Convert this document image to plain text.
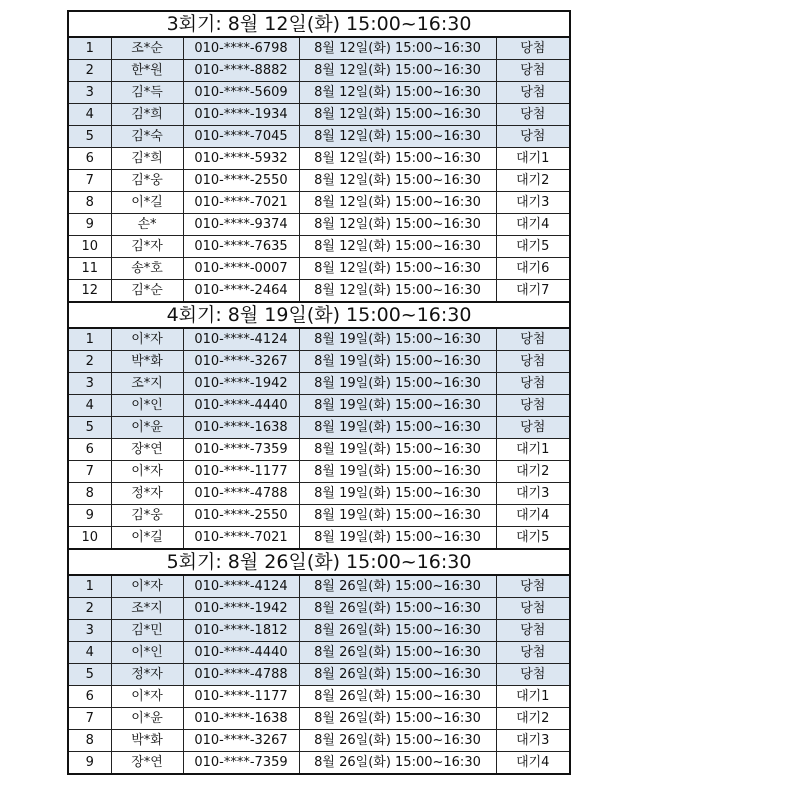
3회기: 8월 12일(화) 15:00~16:30				
1	조*순	010-****-6798	8월 12일(화) 15:00~16:30	당첨
2	한*원	010-****-8882	8월 12일(화) 15:00~16:30	당첨
3	김*득	010-****-5609	8월 12일(화) 15:00~16:30	당첨
4	김*희	010-****-1934	8월 12일(화) 15:00~16:30	당첨
5	김*숙	010-****-7045	8월 12일(화) 15:00~16:30	당첨
6	김*희	010-****-5932	8월 12일(화) 15:00~16:30	대기1
7	김*웅	010-****-2550	8월 12일(화) 15:00~16:30	대기2
8	이*길	010-****-7021	8월 12일(화) 15:00~16:30	대기3
9	손*	010-****-9374	8월 12일(화) 15:00~16:30	대기4
10	김*자	010-****-7635	8월 12일(화) 15:00~16:30	대기5
11	송*호	010-****-0007	8월 12일(화) 15:00~16:30	대기6
12	김*순	010-****-2464	8월 12일(화) 15:00~16:30	대기7
4회기: 8월 19일(화) 15:00~16:30				
1	이*자	010-****-4124	8월 19일(화) 15:00~16:30	당첨
2	박*화	010-****-3267	8월 19일(화) 15:00~16:30	당첨
3	조*지	010-****-1942	8월 19일(화) 15:00~16:30	당첨
4	이*인	010-****-4440	8월 19일(화) 15:00~16:30	당첨
5	이*윤	010-****-1638	8월 19일(화) 15:00~16:30	당첨
6	장*연	010-****-7359	8월 19일(화) 15:00~16:30	대기1
7	이*자	010-****-1177	8월 19일(화) 15:00~16:30	대기2
8	정*자	010-****-4788	8월 19일(화) 15:00~16:30	대기3
9	김*웅	010-****-2550	8월 19일(화) 15:00~16:30	대기4
10	이*길	010-****-7021	8월 19일(화) 15:00~16:30	대기5
5회기: 8월 26일(화) 15:00~16:30				
1	이*자	010-****-4124	8월 26일(화) 15:00~16:30	당첨
2	조*지	010-****-1942	8월 26일(화) 15:00~16:30	당첨
3	김*민	010-****-1812	8월 26일(화) 15:00~16:30	당첨
4	이*인	010-****-4440	8월 26일(화) 15:00~16:30	당첨
5	정*자	010-****-4788	8월 26일(화) 15:00~16:30	당첨
6	이*자	010-****-1177	8월 26일(화) 15:00~16:30	대기1
7	이*윤	010-****-1638	8월 26일(화) 15:00~16:30	대기2
8	박*화	010-****-3267	8월 26일(화) 15:00~16:30	대기3
9	장*연	010-****-7359	8월 26일(화) 15:00~16:30	대기4
